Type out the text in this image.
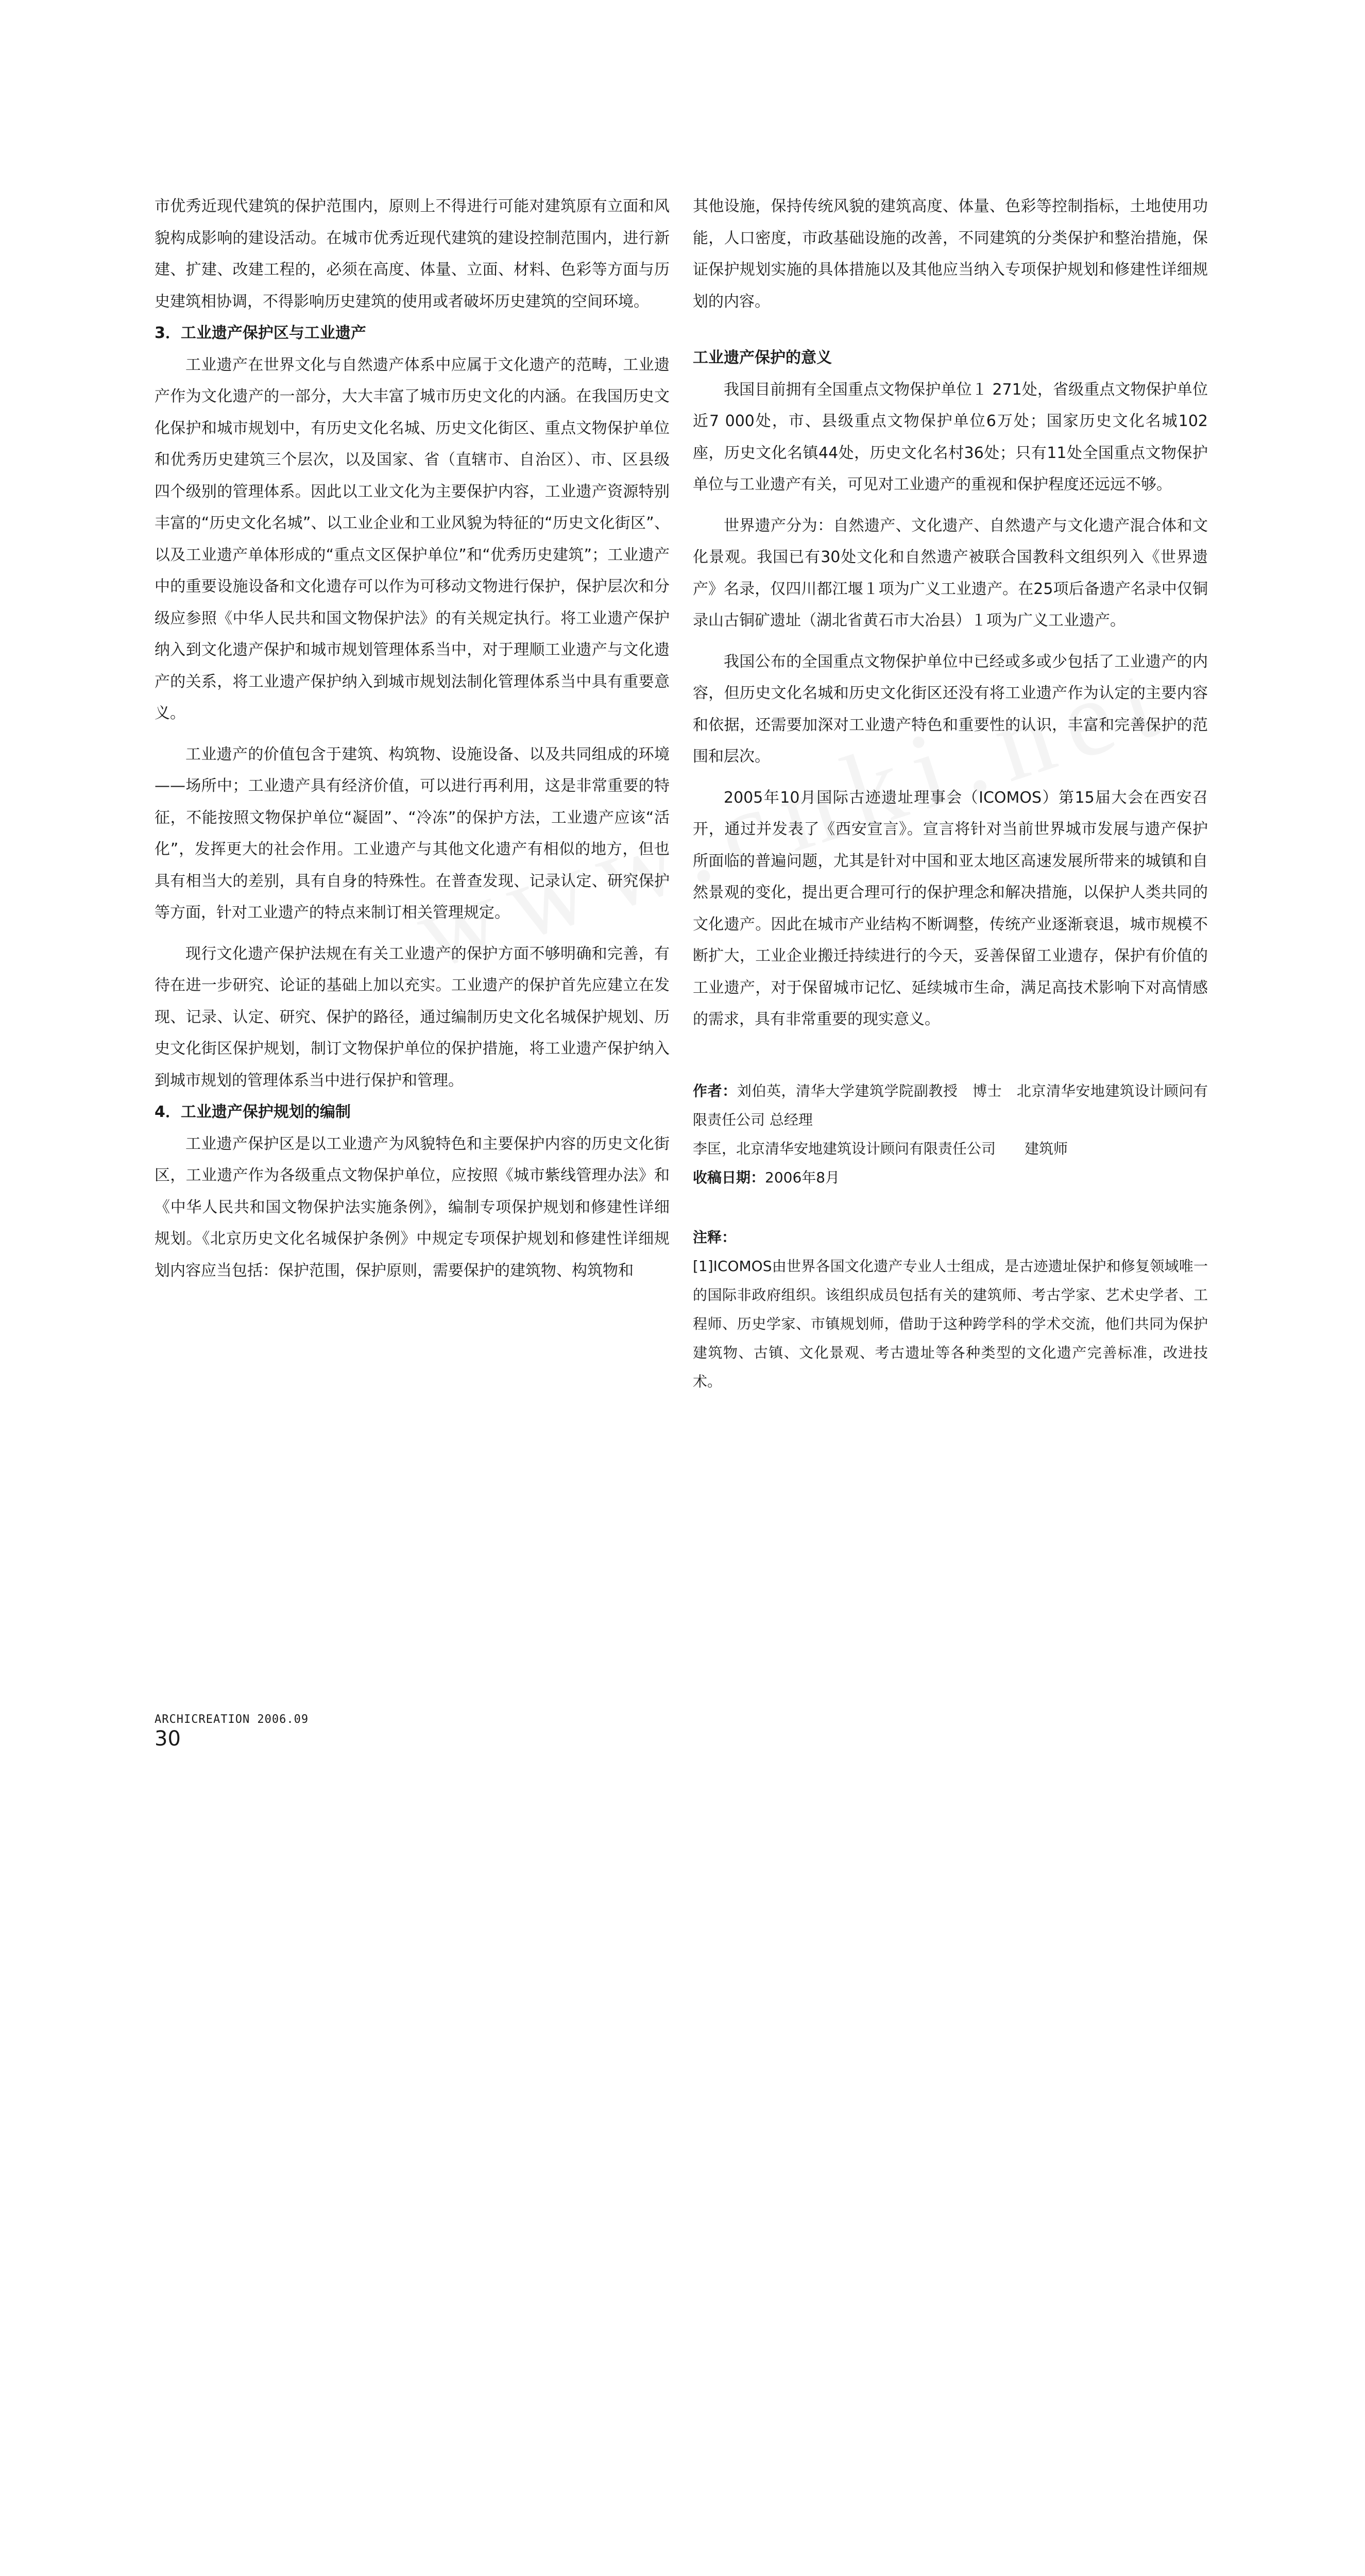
市优秀近现代建筑的保护范围内，原则上不得进行可能对建筑原有立面和风貌构成影响的建设活动。在城市优秀近现代建筑的建设控制范围内，进行新建、扩建、改建工程的，必须在高度、体量、立面、材料、色彩等方面与历史建筑相协调，不得影响历史建筑的使用或者破坏历史建筑的空间环境。

3．工业遗产保护区与工业遗产

工业遗产在世界文化与自然遗产体系中应属于文化遗产的范畴，工业遗产作为文化遗产的一部分，大大丰富了城市历史文化的内涵。在我国历史文化保护和城市规划中，有历史文化名城、历史文化街区、重点文物保护单位和优秀历史建筑三个层次，以及国家、省（直辖市、自治区）、市、区县级四个级别的管理体系。因此以工业文化为主要保护内容，工业遗产资源特别丰富的“历史文化名城”、以工业企业和工业风貌为特征的“历史文化街区”、以及工业遗产单体形成的“重点文区保护单位”和“优秀历史建筑”；工业遗产中的重要设施设备和文化遗存可以作为可移动文物进行保护，保护层次和分级应参照《中华人民共和国文物保护法》的有关规定执行。将工业遗产保护纳入到文化遗产保护和城市规划管理体系当中，对于理顺工业遗产与文化遗产的关系，将工业遗产保护纳入到城市规划法制化管理体系当中具有重要意义。

工业遗产的价值包含于建筑、构筑物、设施设备、以及共同组成的环境——场所中；工业遗产具有经济价值，可以进行再利用，这是非常重要的特征，不能按照文物保护单位“凝固”、“冷冻”的保护方法，工业遗产应该“活化”，发挥更大的社会作用。工业遗产与其他文化遗产有相似的地方，但也具有相当大的差别，具有自身的特殊性。在普查发现、记录认定、研究保护等方面，针对工业遗产的特点来制订相关管理规定。

现行文化遗产保护法规在有关工业遗产的保护方面不够明确和完善，有待在进一步研究、论证的基础上加以充实。工业遗产的保护首先应建立在发现、记录、认定、研究、保护的路径，通过编制历史文化名城保护规划、历史文化街区保护规划，制订文物保护单位的保护措施，将工业遗产保护纳入到城市规划的管理体系当中进行保护和管理。

4．工业遗产保护规划的编制

工业遗产保护区是以工业遗产为风貌特色和主要保护内容的历史文化街区，工业遗产作为各级重点文物保护单位，应按照《城市紫线管理办法》和《中华人民共和国文物保护法实施条例》，编制专项保护规划和修建性详细规划。《北京历史文化名城保护条例》中规定专项保护规划和修建性详细规划内容应当包括：保护范围，保护原则，需要保护的建筑物、构筑物和

其他设施，保持传统风貌的建筑高度、体量、色彩等控制指标，土地使用功能，人口密度，市政基础设施的改善，不同建筑的分类保护和整治措施，保证保护规划实施的具体措施以及其他应当纳入专项保护规划和修建性详细规划的内容。

工业遗产保护的意义

我国目前拥有全国重点文物保护单位１ 271处，省级重点文物保护单位近7 000处，市、县级重点文物保护单位6万处；国家历史文化名城102座，历史文化名镇44处，历史文化名村36处；只有11处全国重点文物保护单位与工业遗产有关，可见对工业遗产的重视和保护程度还远远不够。

世界遗产分为：自然遗产、文化遗产、自然遗产与文化遗产混合体和文化景观。我国已有30处文化和自然遗产被联合国教科文组织列入《世界遗产》名录，仅四川都江堰１项为广义工业遗产。在25项后备遗产名录中仅铜录山古铜矿遗址（湖北省黄石市大冶县）１项为广义工业遗产。

我国公布的全国重点文物保护单位中已经或多或少包括了工业遗产的内容，但历史文化名城和历史文化街区还没有将工业遗产作为认定的主要内容和依据，还需要加深对工业遗产特色和重要性的认识，丰富和完善保护的范围和层次。

2005年10月国际古迹遗址理事会（ICOMOS）第15届大会在西安召开，通过并发表了《西安宣言》。宣言将针对当前世界城市发展与遗产保护所面临的普遍问题，尤其是针对中国和亚太地区高速发展所带来的城镇和自然景观的变化，提出更合理可行的保护理念和解决措施，以保护人类共同的文化遗产。因此在城市产业结构不断调整，传统产业逐渐衰退，城市规模不断扩大，工业企业搬迁持续进行的今天，妥善保留工业遗存，保护有价值的工业遗产，对于保留城市记忆、延续城市生命，满足高技术影响下对高情感的需求，具有非常重要的现实意义。

作者：刘伯英，清华大学建筑学院副教授　博士　北京清华安地建筑设计顾问有限责任公司 总经理

李匡，北京清华安地建筑设计顾问有限责任公司　　建筑师

收稿日期：2006年8月

注释：

[1]ICOMOS由世界各国文化遗产专业人士组成，是古迹遗址保护和修复领域唯一的国际非政府组织。该组织成员包括有关的建筑师、考古学家、艺术史学者、工程师、历史学家、市镇规划师，借助于这种跨学科的学术交流，他们共同为保护建筑物、古镇、文化景观、考古遗址等各种类型的文化遗产完善标准，改进技术。

ARCHICREATION 2006.09
30
